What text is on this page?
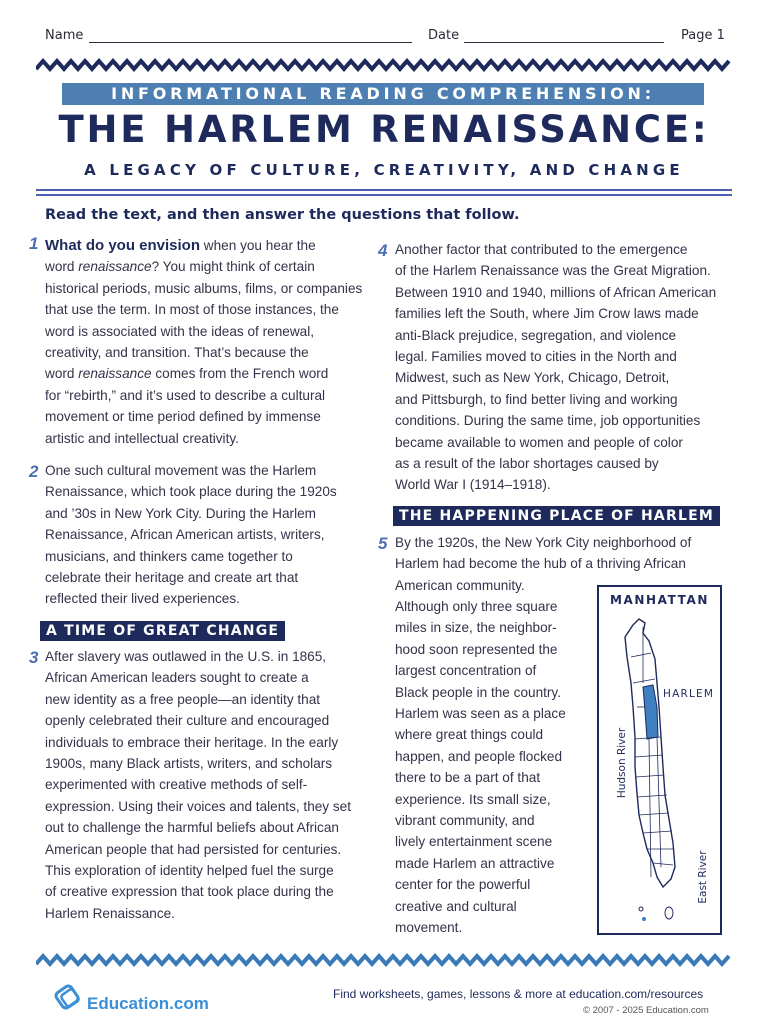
Name	Date	Page 1
INFORMATIONAL READING COMPREHENSION:
THE HARLEM RENAISSANCE:
A LEGACY OF CULTURE, CREATIVITY, AND CHANGE
Read the text, and then answer the questions that follow.
1 What do you envision when you hear the
word renaissance? You might think of certain
historical periods, music albums, films, or companies
that use the term. In most of those instances, the
word is associated with the ideas of renewal,
creativity, and transition. That’s because the
word renaissance comes from the French word
for “rebirth,” and it’s used to describe a cultural
movement or time period defined by immense
artistic and intellectual creativity.
2 One such cultural movement was the Harlem
Renaissance, which took place during the 1920s
and ’30s in New York City. During the Harlem
Renaissance, African American artists, writers,
musicians, and thinkers came together to
celebrate their heritage and create art that
reflected their lived experiences.
A TIME OF GREAT CHANGE
3 After slavery was outlawed in the U.S. in 1865,
African American leaders sought to create a
new identity as a free people—an identity that
openly celebrated their culture and encouraged
individuals to embrace their heritage. In the early
1900s, many Black artists, writers, and scholars
experimented with creative methods of self-
expression. Using their voices and talents, they set
out to challenge the harmful beliefs about African
American people that had persisted for centuries.
This exploration of identity helped fuel the surge
of creative expression that took place during the
Harlem Renaissance.
4 Another factor that contributed to the emergence
of the Harlem Renaissance was the Great Migration.
Between 1910 and 1940, millions of African American
families left the South, where Jim Crow laws made
anti-Black prejudice, segregation, and violence
legal. Families moved to cities in the North and
Midwest, such as New York, Chicago, Detroit,
and Pittsburgh, to find better living and working
conditions. During the same time, job opportunities
became available to women and people of color
as a result of the labor shortages caused by
World War I (1914–1918).
THE HAPPENING PLACE OF HARLEM
5 By the 1920s, the New York City neighborhood of
Harlem had become the hub of a thriving African
American community.
Although only three square
miles in size, the neighbor-
hood soon represented the
largest concentration of
Black people in the country.
Harlem was seen as a place
where great things could
happen, and people flocked
there to be a part of that
experience. Its small size,
vibrant community, and
lively entertainment scene
made Harlem an attractive
center for the powerful
creative and cultural
movement.
MANHATTAN
HARLEM
Hudson River
East River
Education.com	Find worksheets, games, lessons & more at education.com/resources
© 2007 - 2025 Education.com
